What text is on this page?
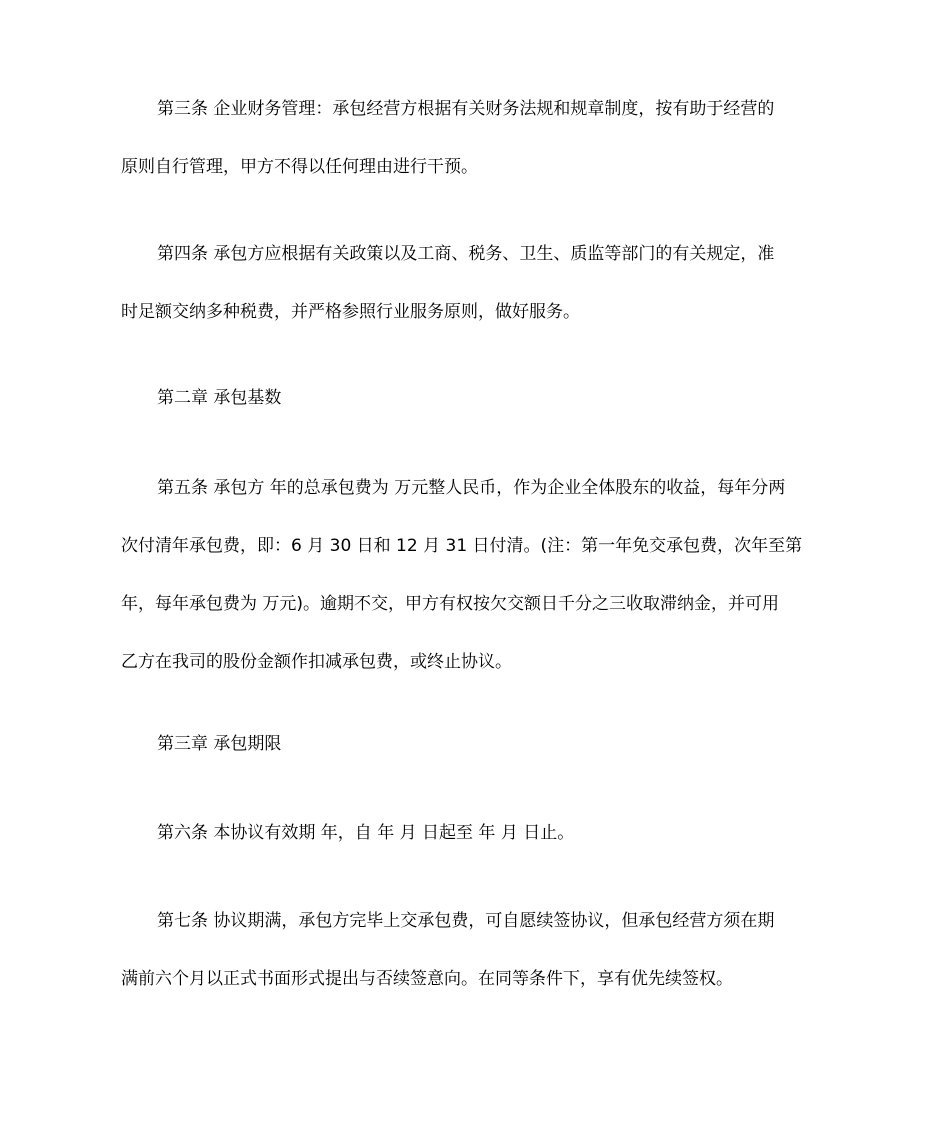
第三条 企业财务管理：承包经营方根据有关财务法规和规章制度，按有助于经营的
原则自行管理，甲方不得以任何理由进行干预。
第四条 承包方应根据有关政策以及工商、税务、卫生、质监等部门的有关规定，准
时足额交纳多种税费，并严格参照行业服务原则，做好服务。
第二章 承包基数
第五条 承包方 年的总承包费为 万元整人民币，作为企业全体股东的收益，每年分两
次付清年承包费，即：6 月 30 日和 12 月 31 日付清。(注：第一年免交承包费，次年至第
年，每年承包费为 万元)。逾期不交，甲方有权按欠交额日千分之三收取滞纳金，并可用
乙方在我司的股份金额作扣减承包费，或终止协议。
第三章 承包期限
第六条 本协议有效期 年，自 年 月 日起至 年 月 日止。
第七条 协议期满，承包方完毕上交承包费，可自愿续签协议，但承包经营方须在期
满前六个月以正式书面形式提出与否续签意向。在同等条件下，享有优先续签权。
